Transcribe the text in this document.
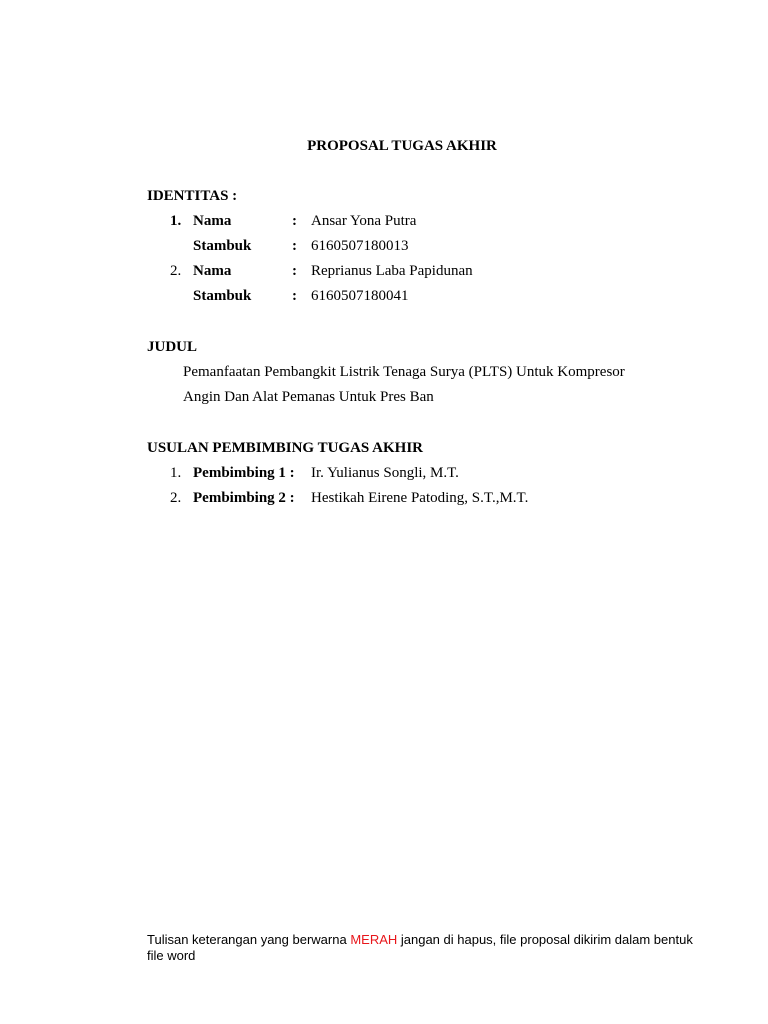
PROPOSAL TUGAS AKHIR
IDENTITAS :
1. Nama	: Ansar Yona Putra
Stambuk	: 6160507180013
2. Nama	: Reprianus Laba Papidunan
Stambuk	: 6160507180041
JUDUL
Pemanfaatan Pembangkit Listrik Tenaga Surya (PLTS) Untuk Kompresor
Angin Dan Alat Pemanas Untuk Pres Ban
USULAN PEMBIMBING TUGAS AKHIR
1. Pembimbing 1 : Ir. Yulianus Songli, M.T.
2. Pembimbing 2 : Hestikah Eirene Patoding, S.T.,M.T.
Tulisan keterangan yang berwarna MERAH jangan di hapus, file proposal dikirim dalam bentuk file word
